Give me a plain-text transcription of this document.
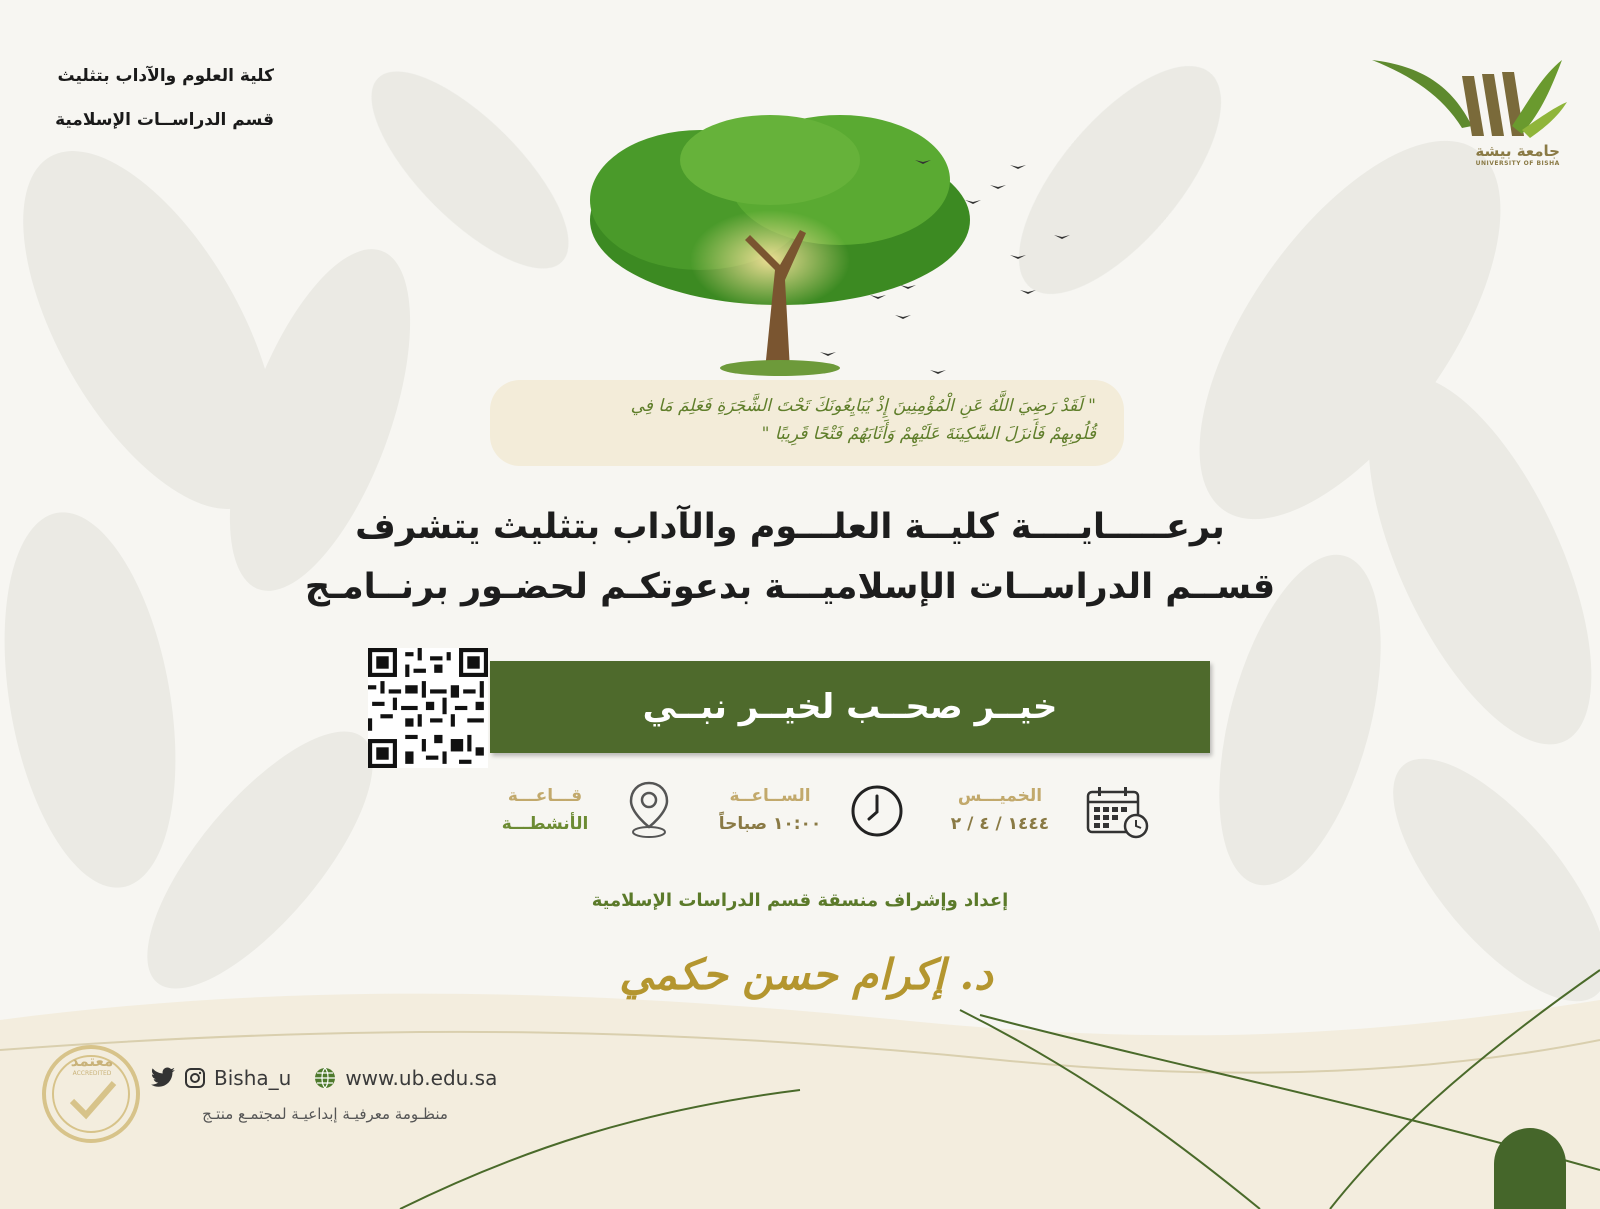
كلية العلوم والآداب بتثليث
قسم الدراســات الإسلامية
جامعة بيشة
UNIVERSITY OF BISHA
" لَقَدْ رَضِيَ اللَّهُ عَنِ الْمُؤْمِنِينَ إِذْ يُبَايِعُونَكَ تَحْتَ الشَّجَرَةِ فَعَلِمَ مَا فِي
قُلُوبِهِمْ فَأَنزَلَ السَّكِينَةَ عَلَيْهِمْ وَأَثَابَهُمْ فَتْحًا قَرِيبًا "
برعـــــايــــة كليــة العلـــوم والآداب بتثليث يتشرف
قســم الدراســات الإسلاميـــة بدعوتكـم لحضـور برنــامـج
خيــر صحــب لخيــر نبــي
الخميـــس
١٤٤٤ / ٤ / ٢
الســاعــة
١٠:٠٠ صباحاً
قـــاعـــة
الأنشطـــة
إعداد وإشراف منسقة قسم الدراسات الإسلامية
د. إكرام حسن حكمي
معتمد
ACCREDITED	Bisha_u	www.ub.edu.sa
منظـومة معرفيـة إبداعيـة لمجتمـع منتـج
